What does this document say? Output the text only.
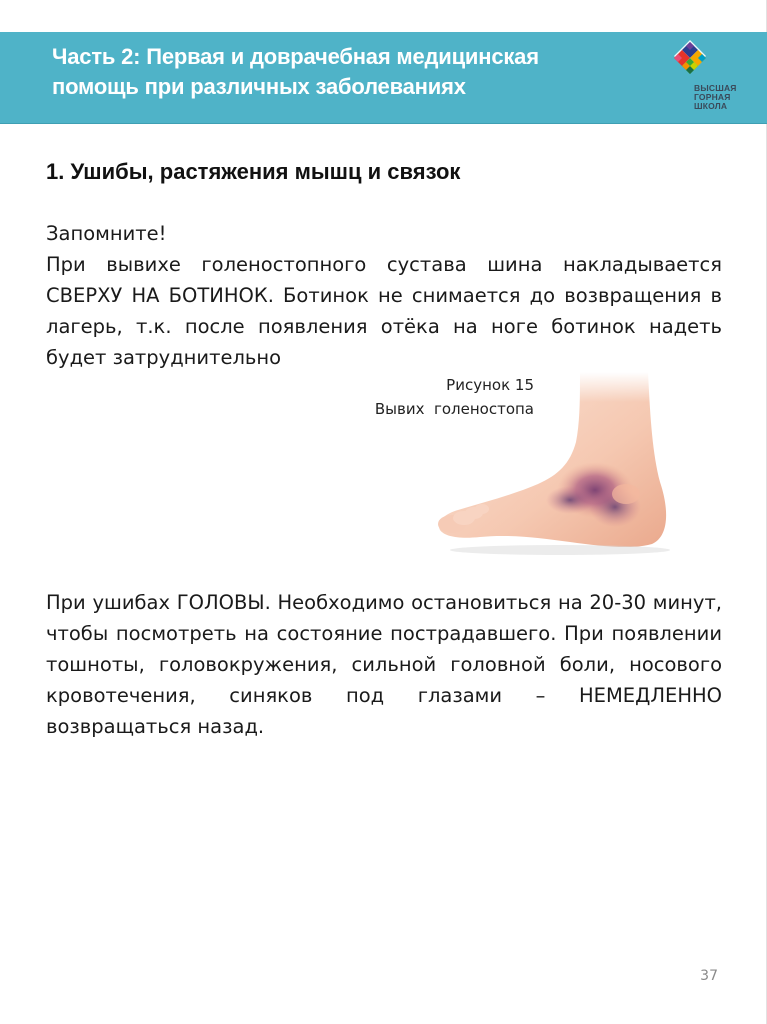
Часть 2: Первая и доврачебная медицинская
помощь при различных заболеваниях	ВЫСШАЯ
ГОРНАЯ
ШКОЛА
1. Ушибы, растяжения мышц и связок
Запомните!
При вывихе голеностопного сустава шина накладывается СВЕРХУ НА БОТИНОК. Ботинок не снимается до возвращения в лагерь, т.к. после появления отёка на ноге ботинок надеть будет затруднительно
Рисунок 15
Вывих  голеностопа
При ушибах ГОЛОВЫ. Необходимо остановиться на 20-30 минут, чтобы посмотреть на состояние пострадавшего. При появлении тошноты, головокружения, сильной головной боли, носового кровотечения, синяков под глазами – НЕМЕДЛЕННО возвращаться назад.
37
